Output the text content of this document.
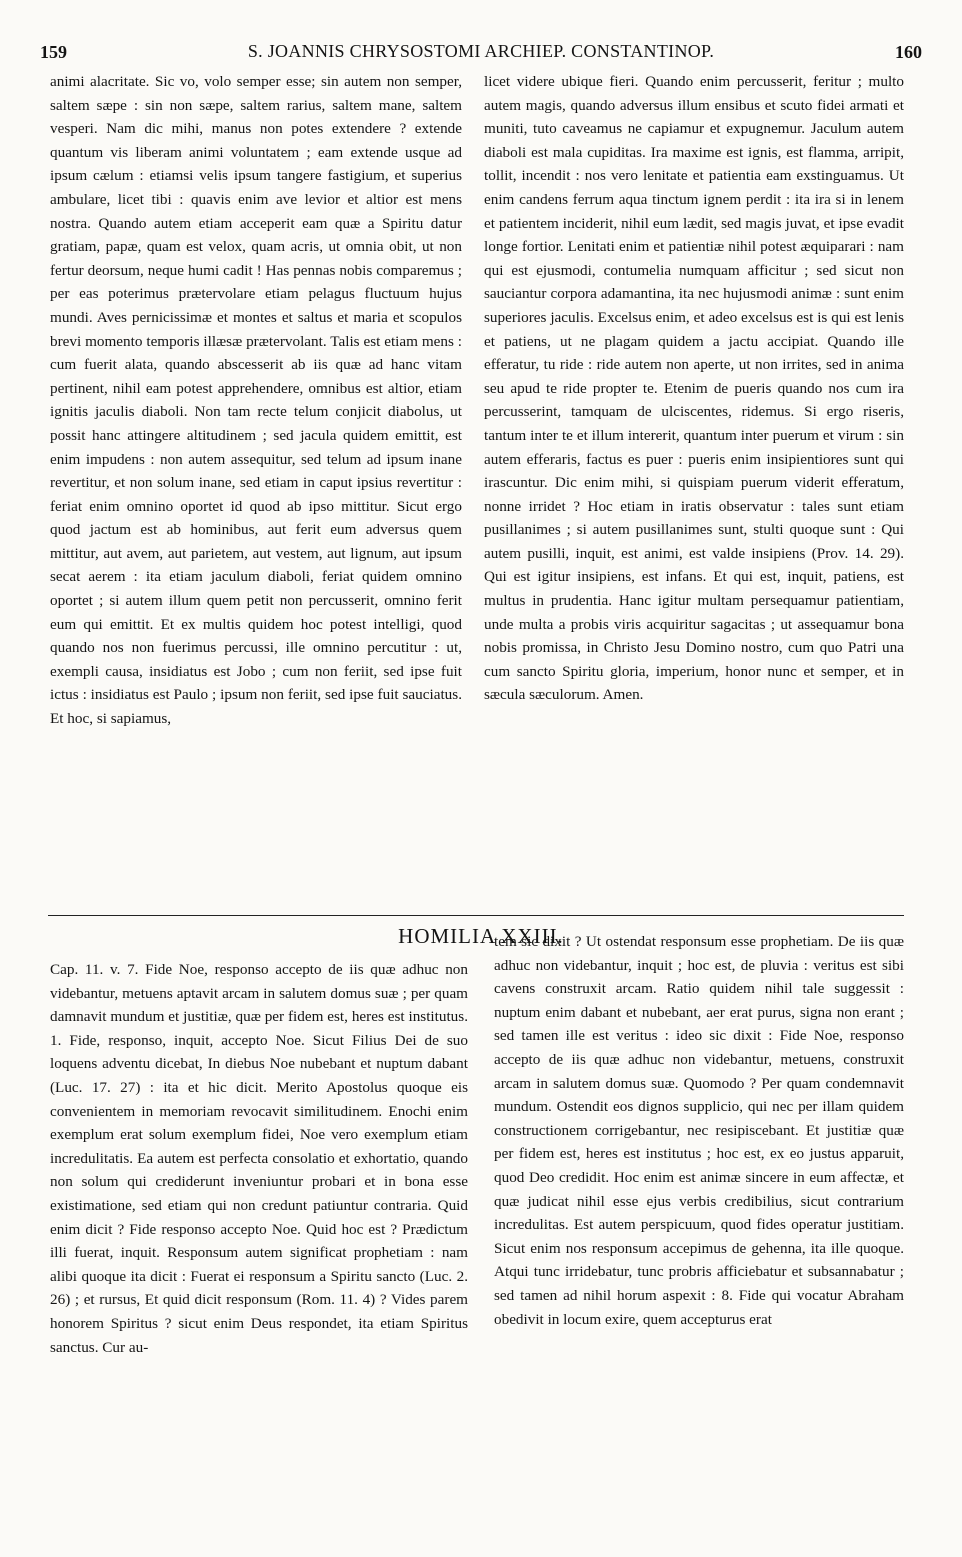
159	S. JOANNIS CHRYSOSTOMI ARCHIEP. CONSTANTINOP.	160

animi alacritate. Sic vo, volo semper esse; sin autem non semper, saltem sæpe : sin non sæpe, saltem rarius, saltem mane, saltem vesperi. Nam dic mihi, manus non potes extendere ? extende quantum vis liberam animi voluntatem ; eam extende usque ad ipsum cælum : etiamsi velis ipsum tangere fastigium, et superius ambulare, licet tibi : quavis enim ave levior et altior est mens nostra. Quando autem etiam acceperit eam quæ a Spiritu datur gratiam, papæ, quam est velox, quam acris, ut omnia obit, ut non fertur deorsum, neque humi cadit ! Has pennas nobis comparemus ; per eas poterimus prætervolare etiam pelagus fluctuum hujus mundi. Aves pernicissimæ et montes et saltus et maria et scopulos brevi momento temporis illæsæ prætervolant. Talis est etiam mens : cum fuerit alata, quando abscesserit ab iis quæ ad hanc vitam pertinent, nihil eam potest apprehendere, omnibus est altior, etiam ignitis jaculis diaboli. Non tam recte telum conjicit diabolus, ut possit hanc attingere altitudinem ; sed jacula quidem emittit, est enim impudens : non autem assequitur, sed telum ad ipsum inane revertitur, et non solum inane, sed etiam in caput ipsius revertitur : feriat enim omnino oportet id quod ab ipso mittitur. Sicut ergo quod jactum est ab hominibus, aut ferit eum adversus quem mittitur, aut avem, aut parietem, aut vestem, aut lignum, aut ipsum secat aerem : ita etiam jaculum diaboli, feriat quidem omnino oportet ; si autem illum quem petit non percusserit, omnino ferit eum qui emittit. Et ex multis quidem hoc potest intelligi, quod quando nos non fuerimus percussi, ille omnino percutitur : ut, exempli causa, insidiatus est Jobo ; cum non feriit, sed ipse fuit ictus : insidiatus est Paulo ; ipsum non feriit, sed ipse fuit sauciatus. Et hoc, si sapiamus,

licet videre ubique fieri. Quando enim percusserit, feritur ; multo autem magis, quando adversus illum ensibus et scuto fidei armati et muniti, tuto caveamus ne capiamur et expugnemur. Jaculum autem diaboli est mala cupiditas. Ira maxime est ignis, est flamma, arripit, tollit, incendit : nos vero lenitate et patientia eam exstinguamus. Ut enim candens ferrum aqua tinctum ignem perdit : ita ira si in lenem et patientem inciderit, nihil eum lædit, sed magis juvat, et ipse evadit longe fortior. Lenitati enim et patientiæ nihil potest æquiparari : nam qui est ejusmodi, contumelia numquam afficitur ; sed sicut non sauciantur corpora adamantina, ita nec hujusmodi animæ : sunt enim superiores jaculis. Excelsus enim, et adeo excelsus est is qui est lenis et patiens, ut ne plagam quidem a jactu accipiat. Quando ille efferatur, tu ride : ride autem non aperte, ut non irrites, sed in anima seu apud te ride propter te. Etenim de pueris quando nos cum ira percusserint, tamquam de ulciscentes, ridemus. Si ergo riseris, tantum inter te et illum intererit, quantum inter puerum et virum : sin autem efferaris, factus es puer : pueris enim insipientiores sunt qui irascuntur. Dic enim mihi, si quispiam puerum viderit efferatum, nonne irridet ? Hoc etiam in iratis observatur : tales sunt etiam pusillanimes ; si autem pusillanimes sunt, stulti quoque sunt : Qui autem pusilli, inquit, est animi, est valde insipiens (Prov. 14. 29). Qui est igitur insipiens, est infans. Et qui est, inquit, patiens, est multus in prudentia. Hanc igitur multam persequamur patientiam, unde multa a probis viris acquiritur sagacitas ; ut assequamur bona nobis promissa, in Christo Jesu Domino nostro, cum quo Patri una cum sancto Spiritu gloria, imperium, honor nunc et semper, et in sæcula sæculorum. Amen.

HOMILIA XXIII.

Cap. 11. v. 7. Fide Noe, responso accepto de iis quæ adhuc non videbantur, metuens aptavit arcam in salutem domus suæ ; per quam damnavit mundum et justitiæ, quæ per fidem est, heres est institutus. 1. Fide, responso, inquit, accepto Noe. Sicut Filius Dei de suo loquens adventu dicebat, In diebus Noe nubebant et nuptum dabant (Luc. 17. 27) : ita et hic dicit. Merito Apostolus quoque eis convenientem in memoriam revocavit similitudinem. Enochi enim exemplum erat solum exemplum fidei, Noe vero exemplum etiam incredulitatis. Ea autem est perfecta consolatio et exhortatio, quando non solum qui crediderunt inveniuntur probari et in bona esse existimatione, sed etiam qui non credunt patiuntur contraria. Quid enim dicit ? Fide responso accepto Noe. Quid hoc est ? Prædictum illi fuerat, inquit. Responsum autem significat prophetiam : nam alibi quoque ita dicit : Fuerat ei responsum a Spiritu sancto (Luc. 2. 26) ; et rursus, Et quid dicit responsum (Rom. 11. 4) ? Vides parem honorem Spiritus ? sicut enim Deus respondet, ita etiam Spiritus sanctus. Cur au-

tem sic dixit ? Ut ostendat responsum esse prophetiam. De iis quæ adhuc non videbantur, inquit ; hoc est, de pluvia : veritus est sibi cavens construxit arcam. Ratio quidem nihil tale suggessit : nuptum enim dabant et nubebant, aer erat purus, signa non erant ; sed tamen ille est veritus : ideo sic dixit : Fide Noe, responso accepto de iis quæ adhuc non videbantur, metuens, construxit arcam in salutem domus suæ. Quomodo ? Per quam condemnavit mundum. Ostendit eos dignos supplicio, qui nec per illam quidem constructionem corrigebantur, nec resipiscebant. Et justitiæ quæ per fidem est, heres est institutus ; hoc est, ex eo justus apparuit, quod Deo credidit. Hoc enim est animæ sincere in eum affectæ, et quæ judicat nihil esse ejus verbis credibilius, sicut contrarium incredulitas. Est autem perspicuum, quod fides operatur justitiam. Sicut enim nos responsum accepimus de gehenna, ita ille quoque. Atqui tunc irridebatur, tunc probris afficiebatur et subsannabatur ; sed tamen ad nihil horum aspexit : 8. Fide qui vocatur Abraham obedivit in locum exire, quem accepturus erat
